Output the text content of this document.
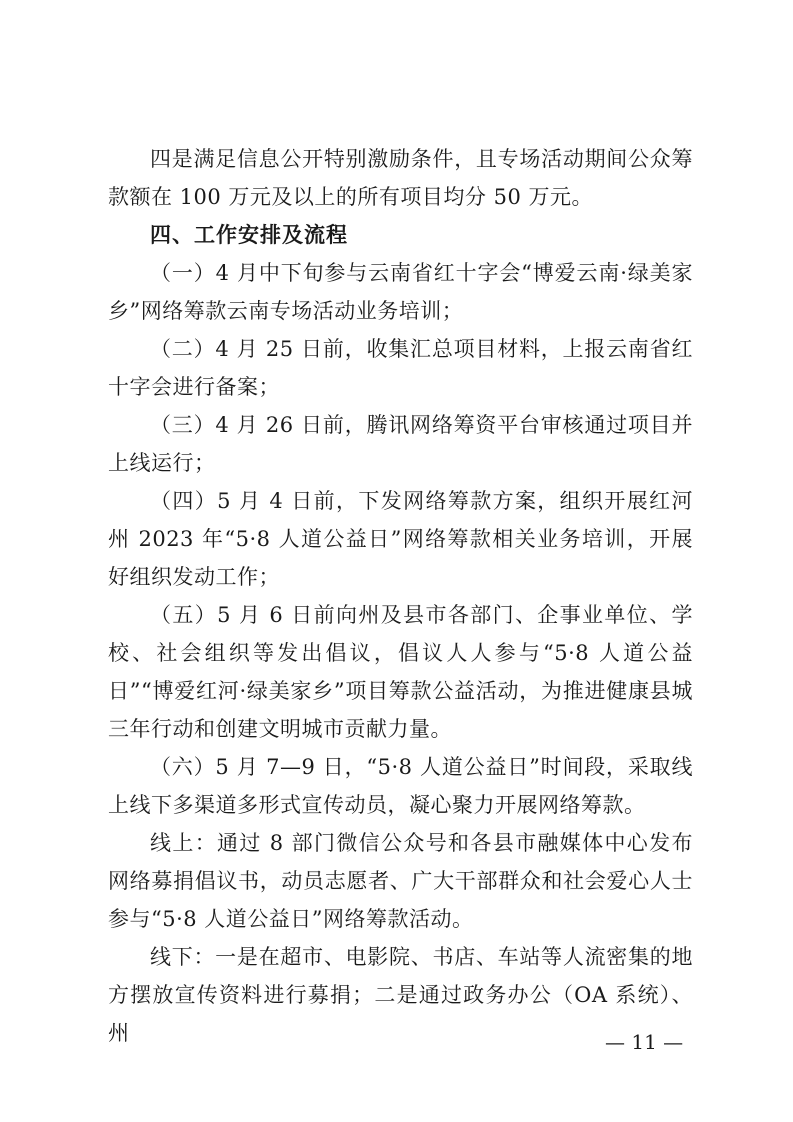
四是满足信息公开特别激励条件，且专场活动期间公众筹款额在 100 万元及以上的所有项目均分 50 万元。

四、工作安排及流程

（一）4 月中下旬参与云南省红十字会“博爱云南·绿美家乡”网络筹款云南专场活动业务培训；

（二）4 月 25 日前，收集汇总项目材料，上报云南省红十字会进行备案；

（三）4 月 26 日前，腾讯网络筹资平台审核通过项目并上线运行；

（四）5 月 4 日前，下发网络筹款方案，组织开展红河州 2023 年“5·8 人道公益日”网络筹款相关业务培训，开展好组织发动工作；

（五）5 月 6 日前向州及县市各部门、企事业单位、学校、社会组织等发出倡议，倡议人人参与“5·8 人道公益日”“博爱红河·绿美家乡”项目筹款公益活动，为推进健康县城三年行动和创建文明城市贡献力量。

（六）5 月 7—9 日，“5·8 人道公益日”时间段，采取线上线下多渠道多形式宣传动员，凝心聚力开展网络筹款。

线上：通过 8 部门微信公众号和各县市融媒体中心发布网络募捐倡议书，动员志愿者、广大干部群众和社会爱心人士参与“5·8 人道公益日”网络筹款活动。

线下：一是在超市、电影院、书店、车站等人流密集的地方摆放宣传资料进行募捐；二是通过政务办公（OA 系统）、州	— 11 —
